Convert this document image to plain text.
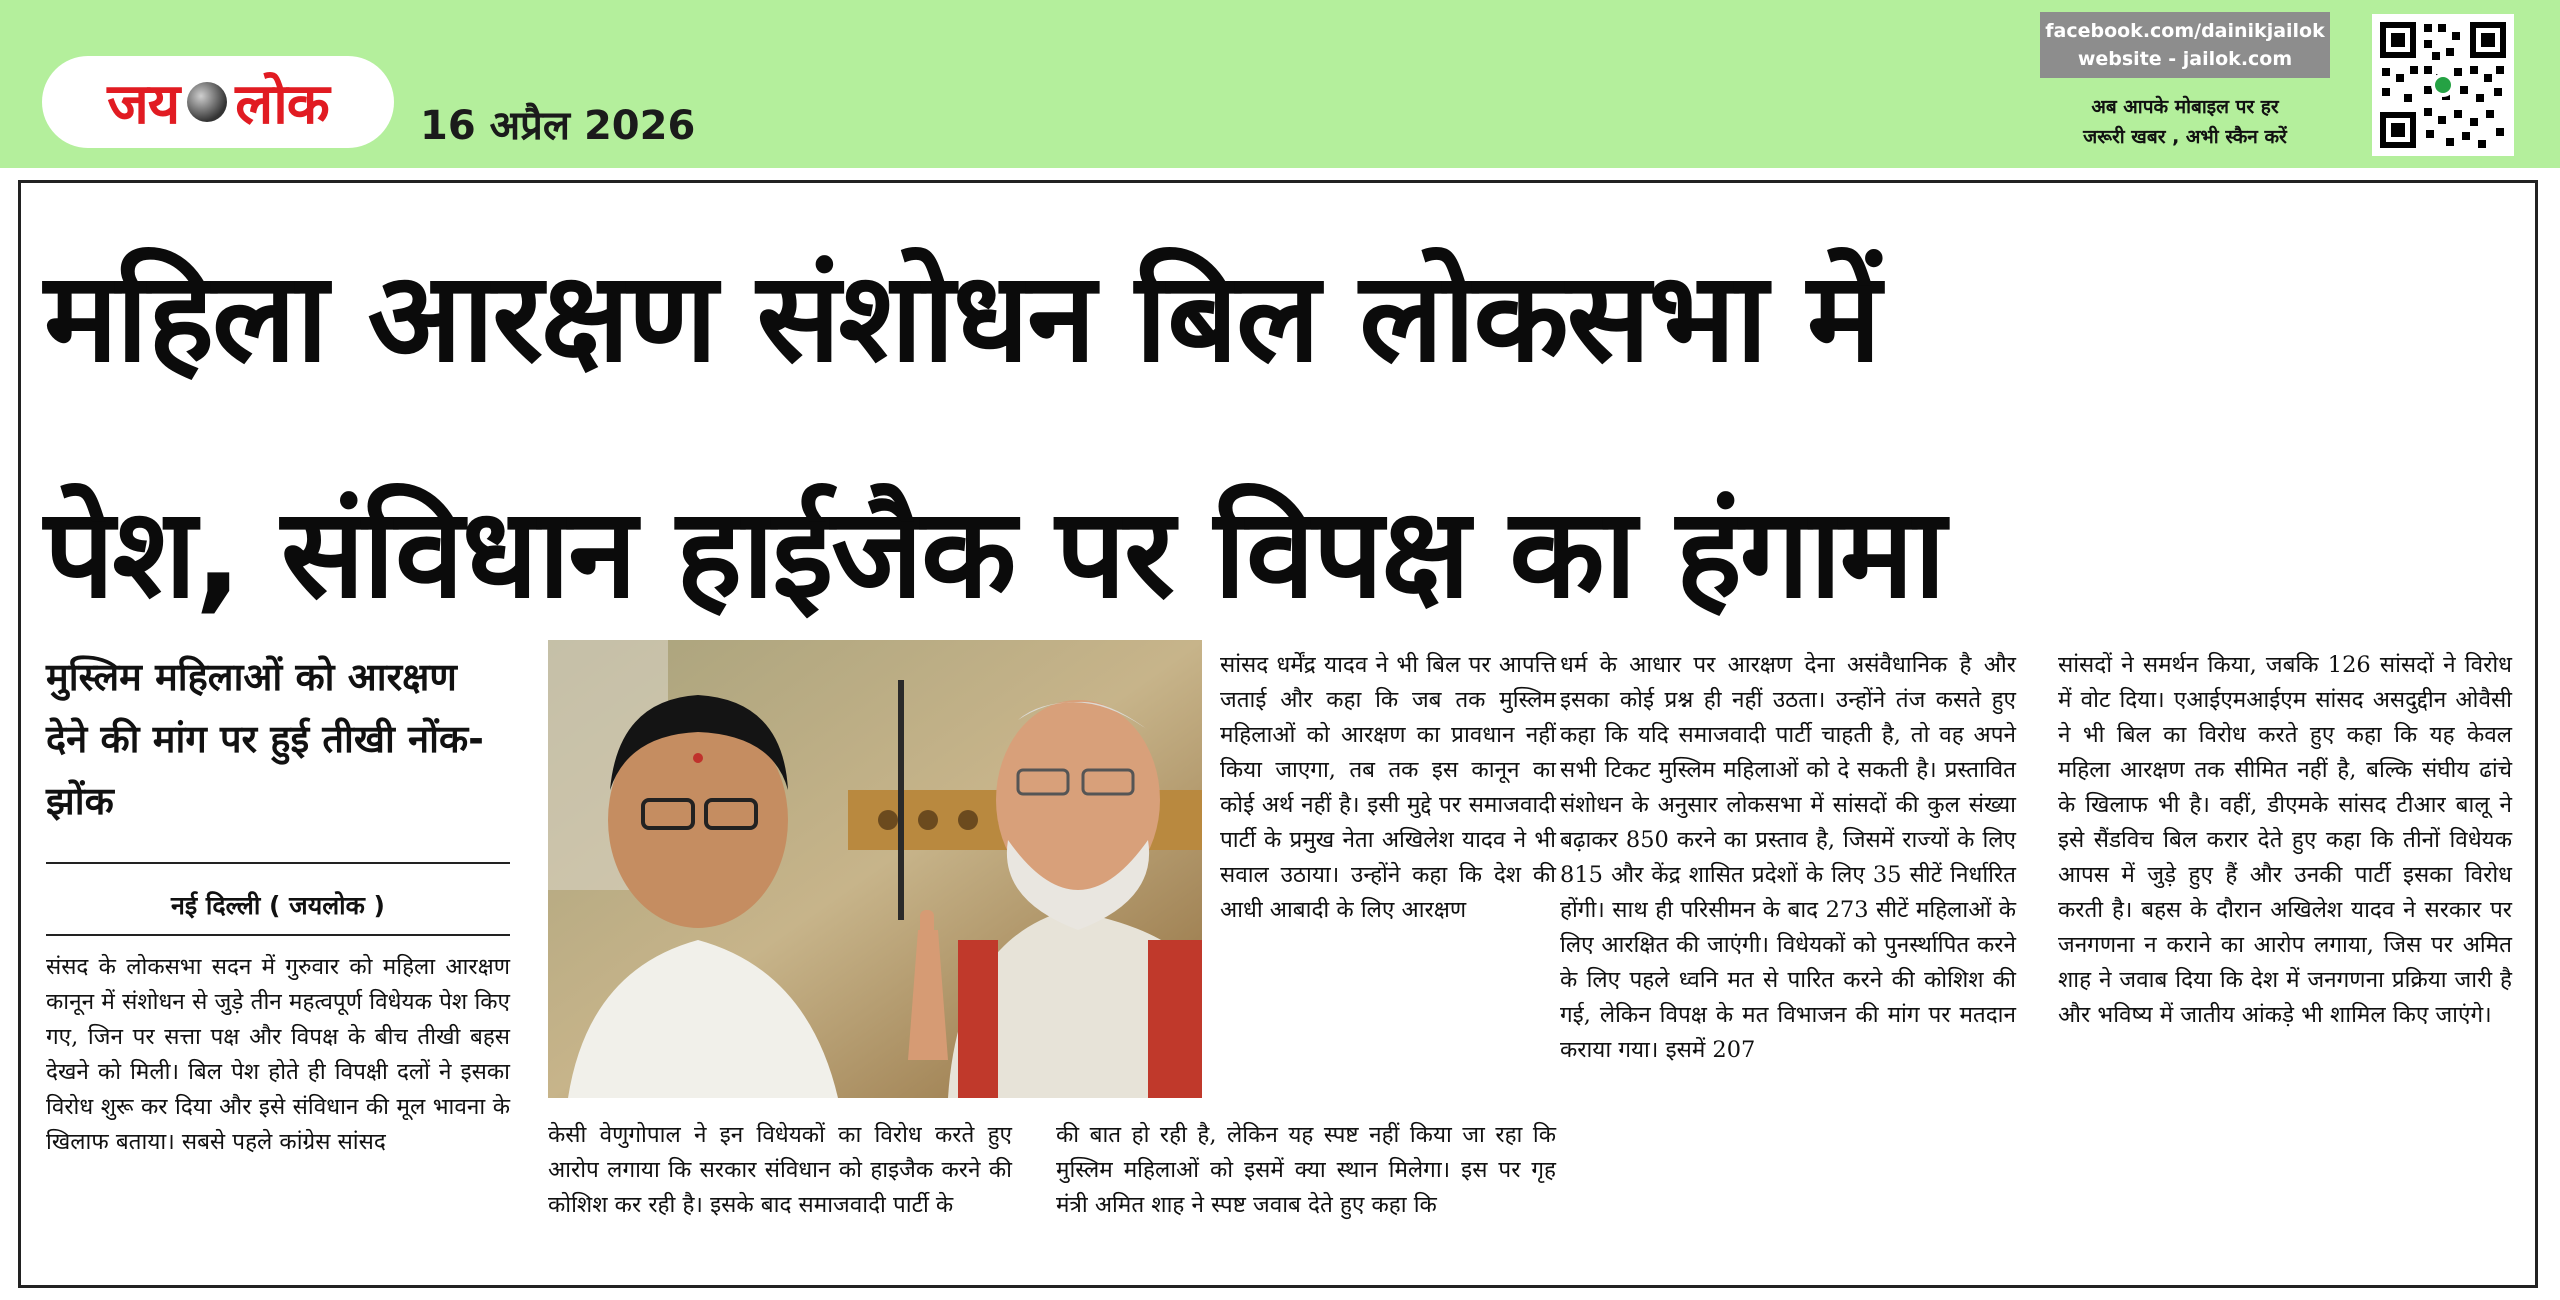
जय लोक 16 अप्रैल 2026
facebook.com/dainikjailok
website - jailok.com
अब आपके मोबाइल पर हर
जरूरी खबर , अभी स्कैन करें
महिला आरक्षण संशोधन बिल लोकसभा में
पेश, संविधान हाईजैक पर विपक्ष का हंगामा

मुस्लिम महिलाओं को आरक्षण देने की मांग पर हुई तीखी नोंक-झोंक

नई दिल्ली ( जयलोक )

संसद के लोकसभा सदन में गुरुवार को महिला आरक्षण कानून में संशोधन से जुड़े तीन महत्वपूर्ण विधेयक पेश किए गए, जिन पर सत्ता पक्ष और विपक्ष के बीच तीखी बहस देखने को मिली। बिल पेश होते ही विपक्षी दलों ने इसका विरोध शुरू कर दिया और इसे संविधान की मूल भावना के खिलाफ बताया। सबसे पहले कांग्रेस सांसद	केसी वेणुगोपाल ने इन विधेयकों का विरोध करते हुए आरोप लगाया कि सरकार संविधान को हाइजैक करने की कोशिश कर रही है। इसके बाद समाजवादी पार्टी के

सांसद धर्मेंद्र यादव ने भी बिल पर आपत्ति जताई और कहा कि जब तक मुस्लिम महिलाओं को आरक्षण का प्रावधान नहीं किया जाएगा, तब तक इस कानून का कोई अर्थ नहीं है। इसी मुद्दे पर समाजवादी पार्टी के प्रमुख नेता अखिलेश यादव ने भी सवाल उठाया। उन्होंने कहा कि देश की आधी आबादी के लिए आरक्षण

की बात हो रही है, लेकिन यह स्पष्ट नहीं किया जा रहा कि मुस्लिम महिलाओं को इसमें क्या स्थान मिलेगा। इस पर गृह मंत्री अमित शाह ने स्पष्ट जवाब देते हुए कहा कि

धर्म के आधार पर आरक्षण देना असंवैधानिक है और इसका कोई प्रश्न ही नहीं उठता। उन्होंने तंज कसते हुए कहा कि यदि समाजवादी पार्टी चाहती है, तो वह अपने सभी टिकट मुस्लिम महिलाओं को दे सकती है। प्रस्तावित संशोधन के अनुसार लोकसभा में सांसदों की कुल संख्या बढ़ाकर 850 करने का प्रस्ताव है, जिसमें राज्यों के लिए 815 और केंद्र शासित प्रदेशों के लिए 35 सीटें निर्धारित होंगी। साथ ही परिसीमन के बाद 273 सीटें महिलाओं के लिए आरक्षित की जाएंगी। विधेयकों को पुनर्स्थापित करने के लिए पहले ध्वनि मत से पारित करने की कोशिश की गई, लेकिन विपक्ष के मत विभाजन की मांग पर मतदान कराया गया। इसमें 207

सांसदों ने समर्थन किया, जबकि 126 सांसदों ने विरोध में वोट दिया। एआईएमआईएम सांसद असदुद्दीन ओवैसी ने भी बिल का विरोध करते हुए कहा कि यह केवल महिला आरक्षण तक सीमित नहीं है, बल्कि संघीय ढांचे के खिलाफ भी है। वहीं, डीएमके सांसद टीआर बालू ने इसे सैंडविच बिल करार देते हुए कहा कि तीनों विधेयक आपस में जुड़े हुए हैं और उनकी पार्टी इसका विरोध करती है। बहस के दौरान अखिलेश यादव ने सरकार पर जनगणना न कराने का आरोप लगाया, जिस पर अमित शाह ने जवाब दिया कि देश में जनगणना प्रक्रिया जारी है और भविष्य में जातीय आंकड़े भी शामिल किए जाएंगे।
